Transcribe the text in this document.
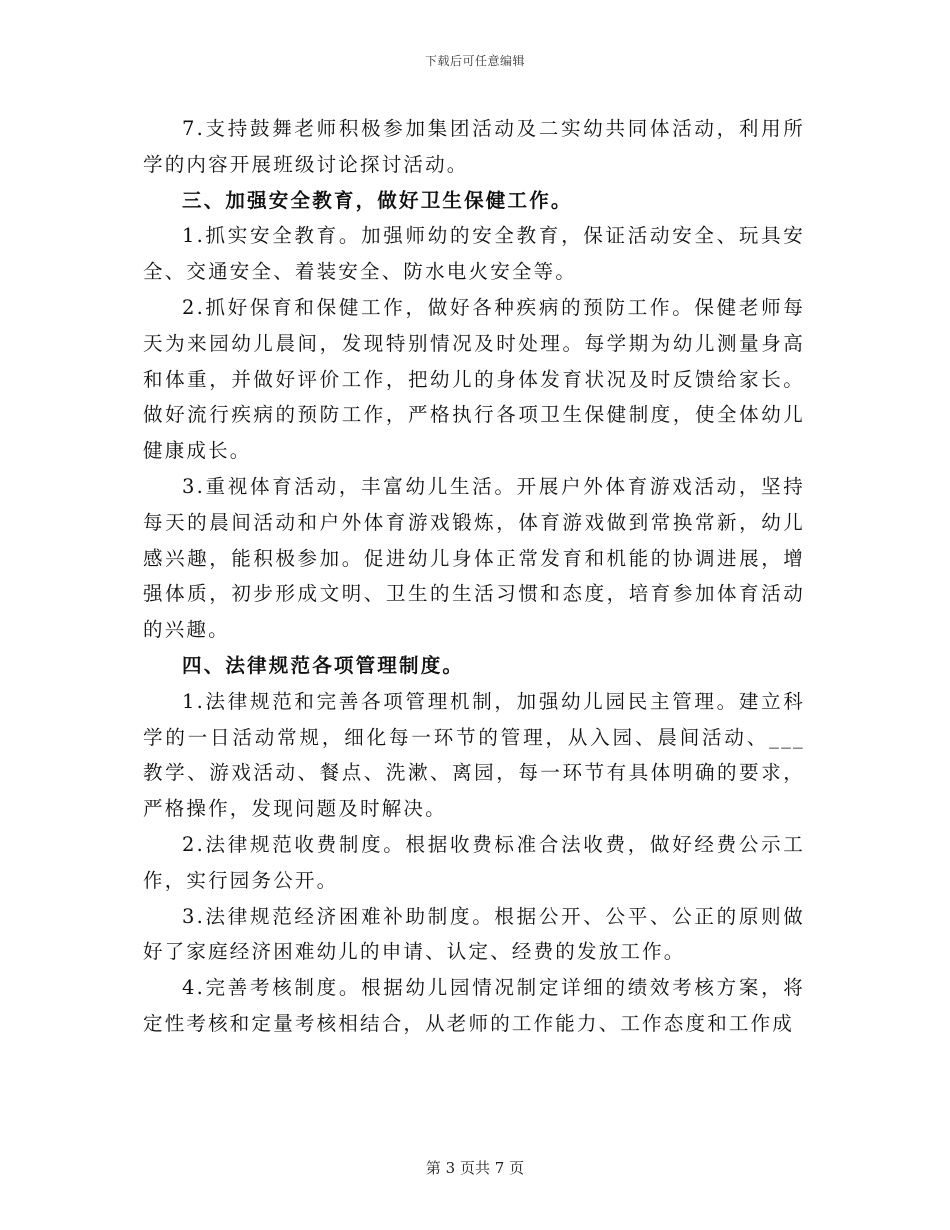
下载后可任意编辑

7.支持鼓舞老师积极参加集团活动及二实幼共同体活动，利用所学的内容开展班级讨论探讨活动。

三、加强安全教育，做好卫生保健工作。

1.抓实安全教育。加强师幼的安全教育，保证活动安全、玩具安全、交通安全、着装安全、防水电火安全等。

2.抓好保育和保健工作，做好各种疾病的预防工作。保健老师每天为来园幼儿晨间，发现特别情况及时处理。每学期为幼儿测量身高和体重，并做好评价工作，把幼儿的身体发育状况及时反馈给家长。做好流行疾病的预防工作，严格执行各项卫生保健制度，使全体幼儿健康成长。

3.重视体育活动，丰富幼儿生活。开展户外体育游戏活动，坚持每天的晨间活动和户外体育游戏锻炼，体育游戏做到常换常新，幼儿感兴趣，能积极参加。促进幼儿身体正常发育和机能的协调进展，增强体质，初步形成文明、卫生的生活习惯和态度，培育参加体育活动的兴趣。

四、法律规范各项管理制度。

1.法律规范和完善各项管理机制，加强幼儿园民主管理。建立科学的一日活动常规，细化每一环节的管理，从入园、晨间活动、___教学、游戏活动、餐点、洗漱、离园，每一环节有具体明确的要求，严格操作，发现问题及时解决。

2.法律规范收费制度。根据收费标准合法收费，做好经费公示工作，实行园务公开。

3.法律规范经济困难补助制度。根据公开、公平、公正的原则做好了家庭经济困难幼儿的申请、认定、经费的发放工作。

4.完善考核制度。根据幼儿园情况制定详细的绩效考核方案，将定性考核和定量考核相结合，从老师的工作能力、工作态度和工作成

第 3 页共 7 页
